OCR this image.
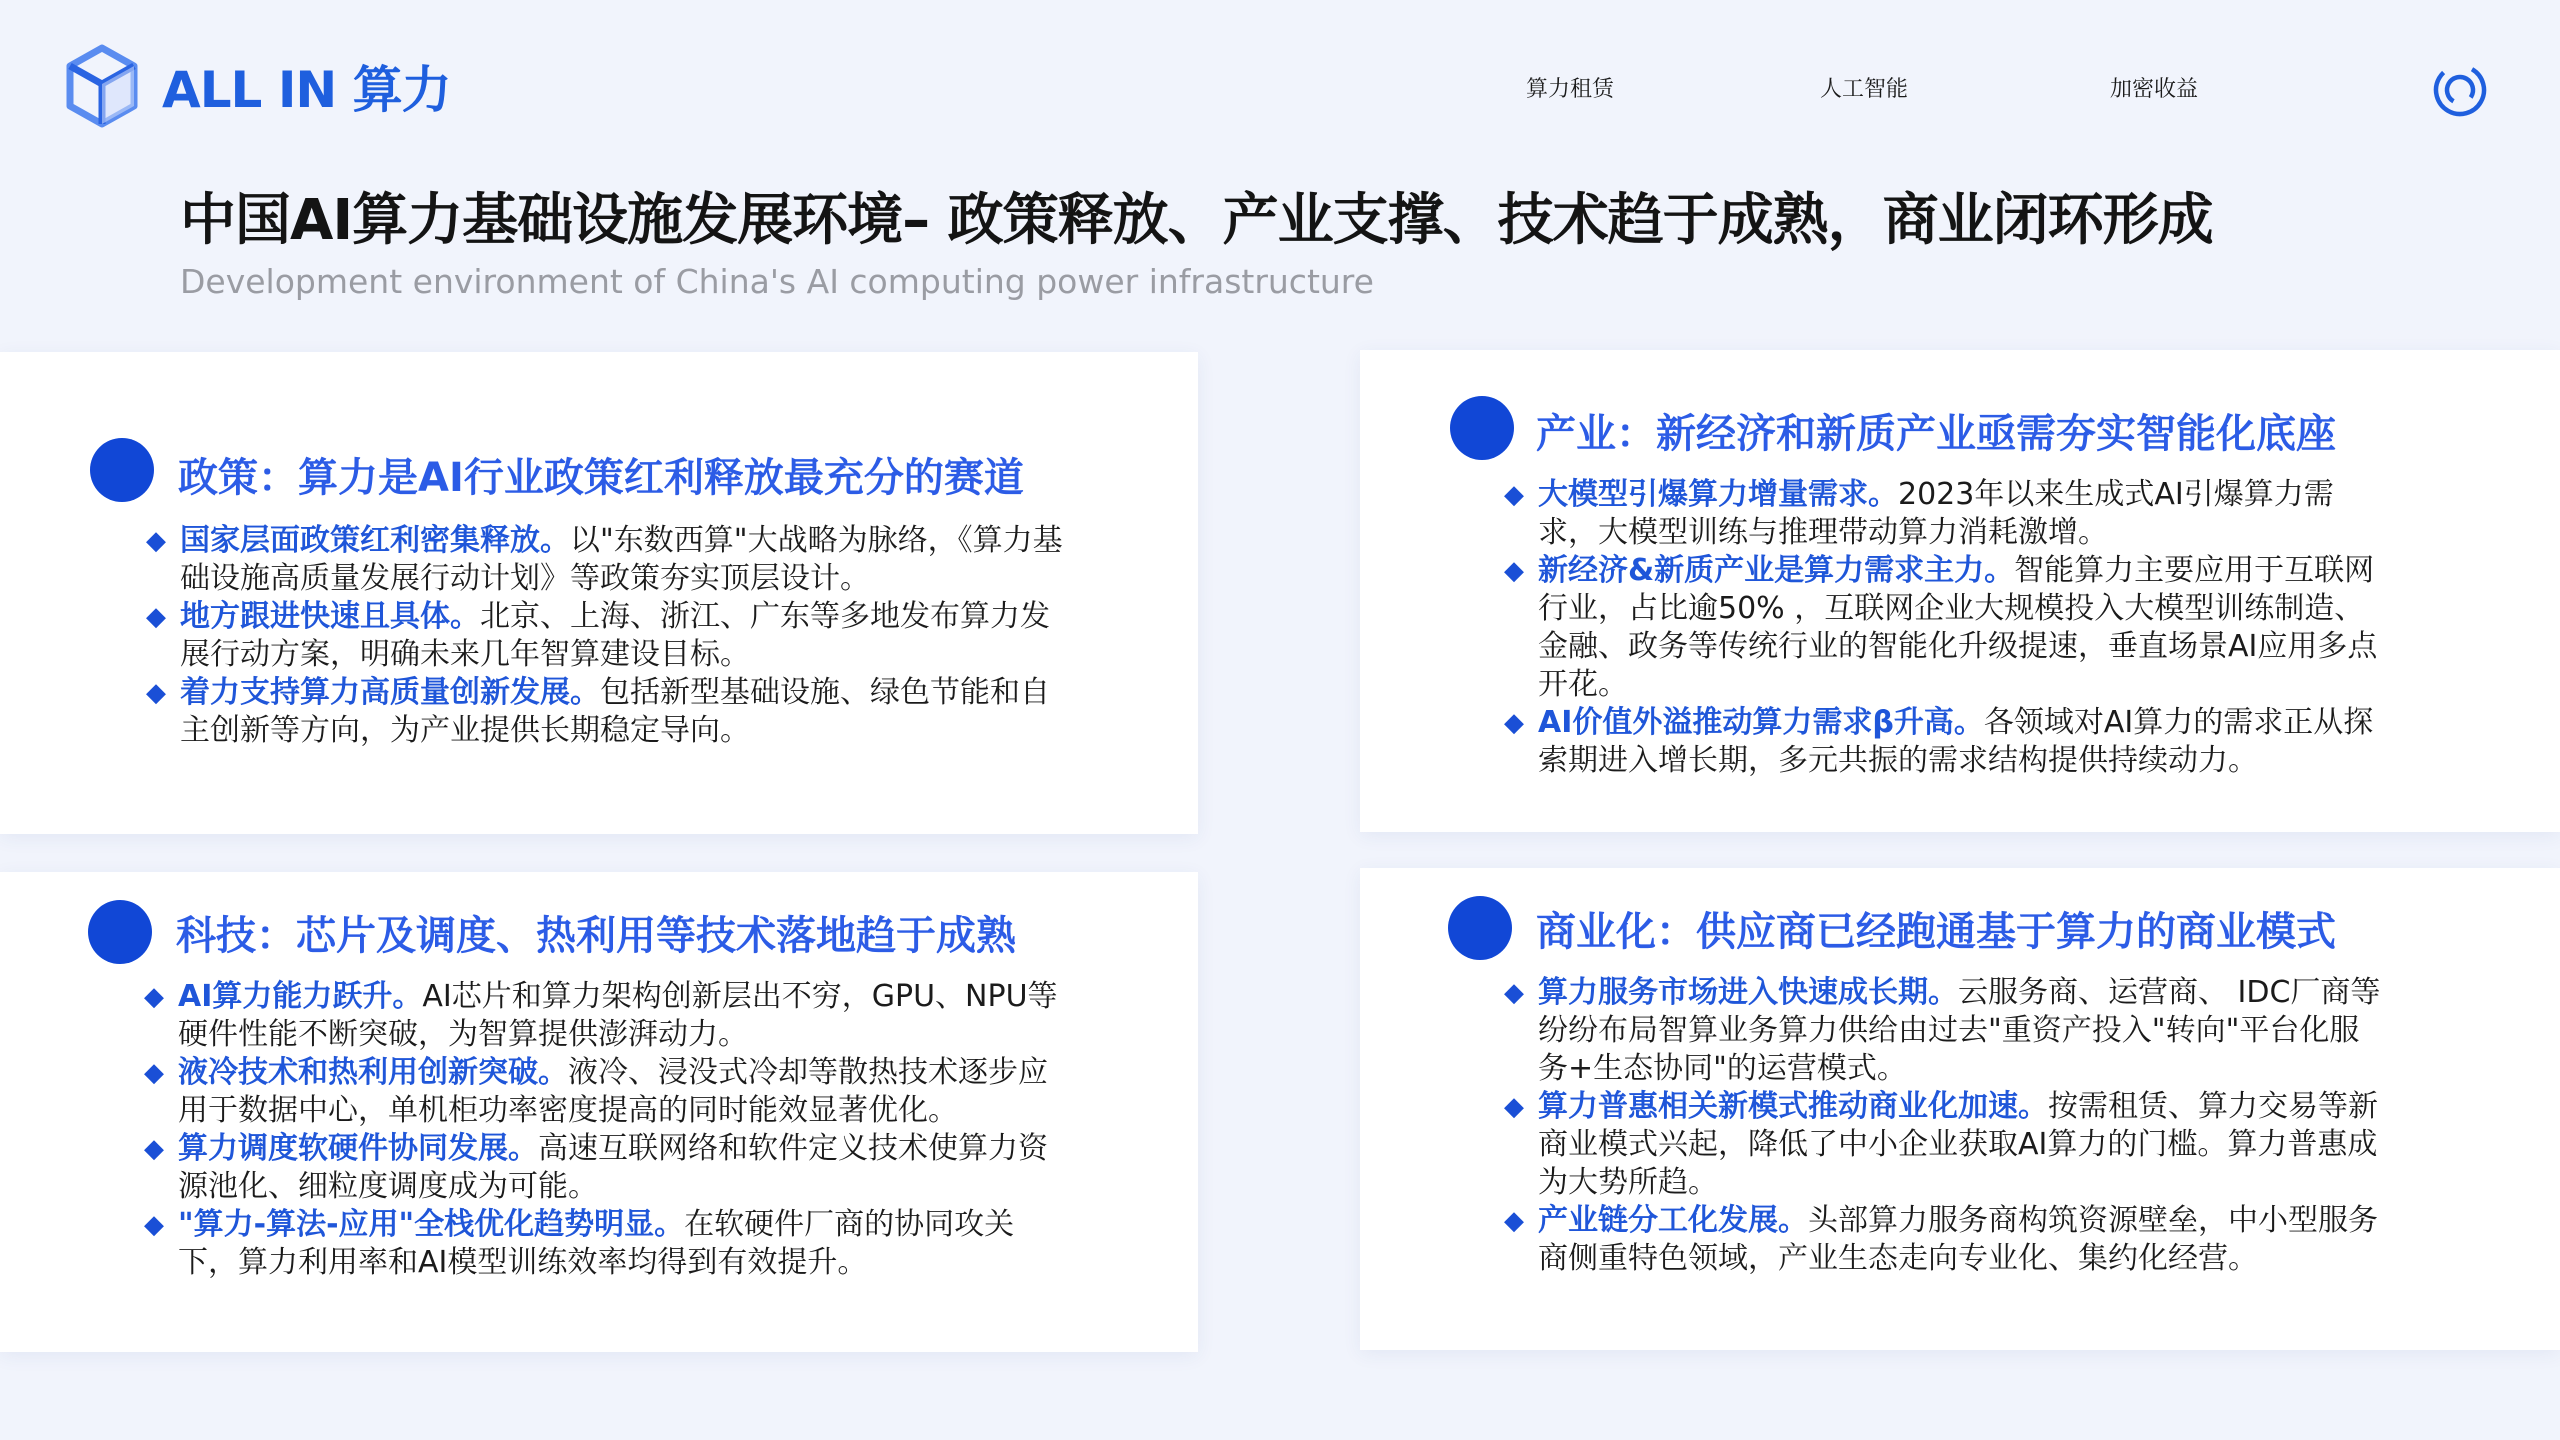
ALL IN 算力	算力租赁	人工智能	加密收益
中国AI算力基础设施发展环境– 政策释放、产业支撑、技术趋于成熟，商业闭环形成
Development environment of China's AI computing power infrastructure
政策：算力是AI行业政策红利释放最充分的赛道
◆ 国家层面政策红利密集释放。以"东数西算"大战略为脉络，《算力基础设施高质量发展行动计划》等政策夯实顶层设计。
◆ 地方跟进快速且具体。北京、上海、浙江、广东等多地发布算力发展行动方案，明确未来几年智算建设目标。
◆ 着力支持算力高质量创新发展。包括新型基础设施、绿色节能和自主创新等方向，为产业提供长期稳定导向。
产业：新经济和新质产业亟需夯实智能化底座
◆ 大模型引爆算力增量需求。2023年以来生成式AI引爆算力需求，大模型训练与推理带动算力消耗激增。
◆ 新经济&新质产业是算力需求主力。智能算力主要应用于互联网行业，占比逾50% ，互联网企业大规模投入大模型训练制造、金融、政务等传统行业的智能化升级提速，垂直场景AI应用多点开花。
◆ AI价值外溢推动算力需求β升高。各领域对AI算力的需求正从探索期进入增长期，多元共振的需求结构提供持续动力。
科技：芯片及调度、热利用等技术落地趋于成熟
◆ AI算力能力跃升。AI芯片和算力架构创新层出不穷，GPU、NPU等硬件性能不断突破，为智算提供澎湃动力。
◆ 液冷技术和热利用创新突破。液冷、浸没式冷却等散热技术逐步应用于数据中心，单机柜功率密度提高的同时能效显著优化。
◆ 算力调度软硬件协同发展。高速互联网络和软件定义技术使算力资源池化、细粒度调度成为可能。
◆ "算力-算法-应用"全栈优化趋势明显。在软硬件厂商的协同攻关下，算力利用率和AI模型训练效率均得到有效提升。
商业化：供应商已经跑通基于算力的商业模式
◆ 算力服务市场进入快速成长期。云服务商、运营商、 IDC厂商等纷纷布局智算业务算力供给由过去"重资产投入"转向"平台化服务+生态协同"的运营模式。
◆ 算力普惠相关新模式推动商业化加速。按需租赁、算力交易等新商业模式兴起，降低了中小企业获取AI算力的门槛。算力普惠成为大势所趋。
◆ 产业链分工化发展。头部算力服务商构筑资源壁垒，中小型服务商侧重特色领域，产业生态走向专业化、集约化经营。
